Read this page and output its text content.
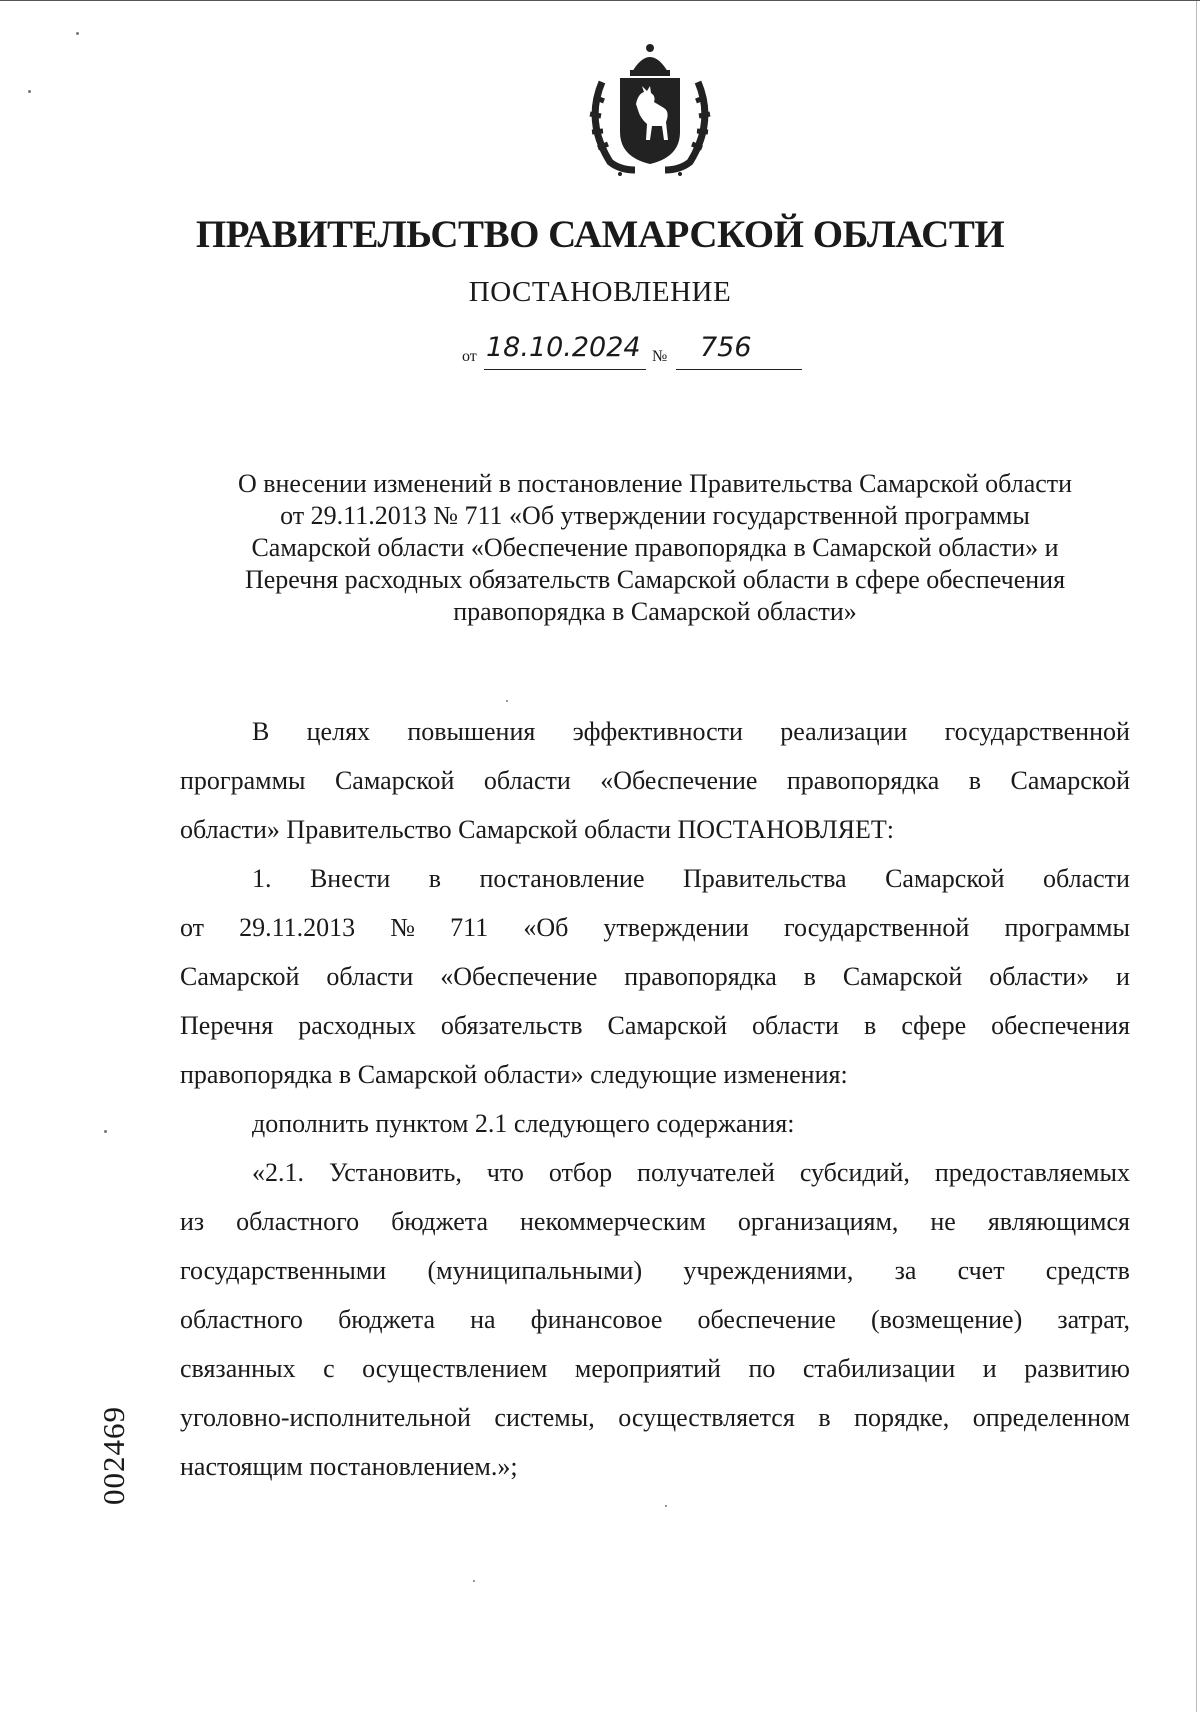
ПРАВИТЕЛЬСТВО САМАРСКОЙ ОБЛАСТИ
ПОСТАНОВЛЕНИЕ
от 18.10.2024 № 756
О внесении изменений в постановление Правительства Самарской области
от 29.11.2013 № 711 «Об утверждении государственной программы
Самарской области «Обеспечение правопорядка в Самарской области» и
Перечня расходных обязательств Самарской области в сфере обеспечения
правопорядка в Самарской области»
В целях повышения эффективности реализации государственной
программы Самарской области «Обеспечение правопорядка в Самарской
области» Правительство Самарской области ПОСТАНОВЛЯЕТ:
1. Внести в постановление Правительства Самарской области
от 29.11.2013 № 711 «Об утверждении государственной программы
Самарской области «Обеспечение правопорядка в Самарской области» и
Перечня расходных обязательств Самарской области в сфере обеспечения
правопорядка в Самарской области» следующие изменения:
дополнить пунктом 2.1 следующего содержания:
«2.1. Установить, что отбор получателей субсидий, предоставляемых
из областного бюджета некоммерческим организациям, не являющимся
государственными (муниципальными) учреждениями, за счет средств
областного бюджета на финансовое обеспечение (возмещение) затрат,
связанных с осуществлением мероприятий по стабилизации и развитию
уголовно-исполнительной системы, осуществляется в порядке, определенном
настоящим постановлением.»;
002469
